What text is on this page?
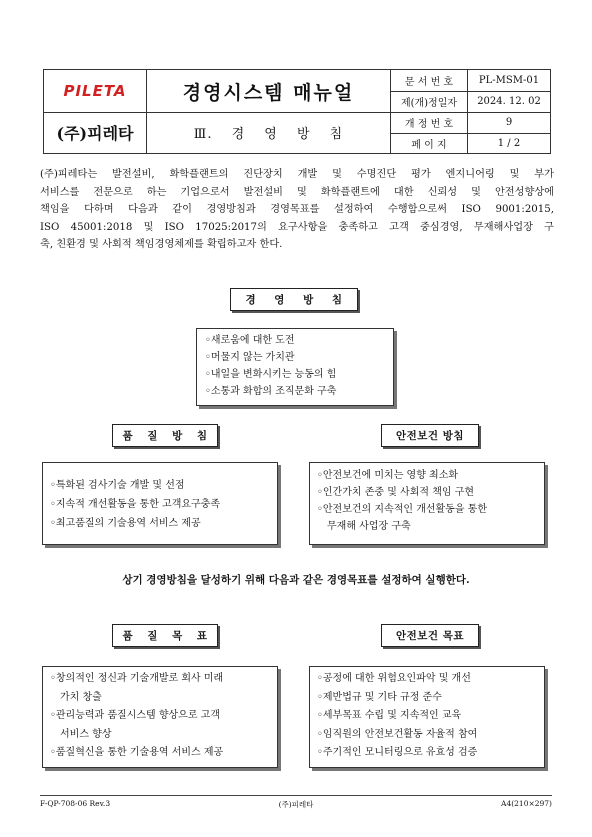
PILETA
(주)피레타
경영시스템 매뉴얼
Ⅲ. 경 영 방 침
문 서 번 호	PL-MSM-01
제(개)정일자	2024. 12. 02
개 정 번 호	9
페 이 지	1 / 2
(주)피레타는 발전설비, 화학플랜트의 진단장치 개발 및 수명진단 평가 엔지니어링 및 부가
서비스를 전문으로 하는 기업으로서 발전설비 및 화학플랜트에 대한 신뢰성 및 안전성향상에
책임을 다하며 다음과 같이 경영방침과 경영목표를 설정하여 수행함으로써 ISO 9001:2015,
ISO 45001:2018 및 ISO 17025:2017의 요구사항을 충족하고 고객 중심경영, 무재해사업장 구
축, 친환경 및 사회적 책임경영체제를 확립하고자 한다.
경 영 방 침
◦새로움에 대한 도전
◦머물지 않는 가치관
◦내일을 변화시키는 능동의 힘
◦소통과 화합의 조직문화 구축
품 질 방 침
◦특화된 검사기술 개발 및 선점
◦지속적 개선활동을 통한 고객요구충족
◦최고품질의 기술용역 서비스 제공
안전보건 방침
◦안전보건에 미치는 영향 최소화
◦인간가치 존중 및 사회적 책임 구현
◦안전보건의 지속적인 개선활동을 통한
무재해 사업장 구축
상기 경영방침을 달성하기 위해 다음과 같은 경영목표를 설정하여 실행한다.
품 질 목 표
◦창의적인 정신과 기술개발로 회사 미래
가치 창출
◦관리능력과 품질시스템 향상으로 고객
서비스 향상
◦품질혁신을 통한 기술용역 서비스 제공
안전보건 목표
◦공정에 대한 위험요인파악 및 개선
◦제반법규 및 기타 규정 준수
◦세부목표 수립 및 지속적인 교육
◦임직원의 안전보건활동 자율적 참여
◦주기적인 모니터링으로 유효성 검증
F-QP-708-06 Rev.3	(주)피레타	A4(210×297)
